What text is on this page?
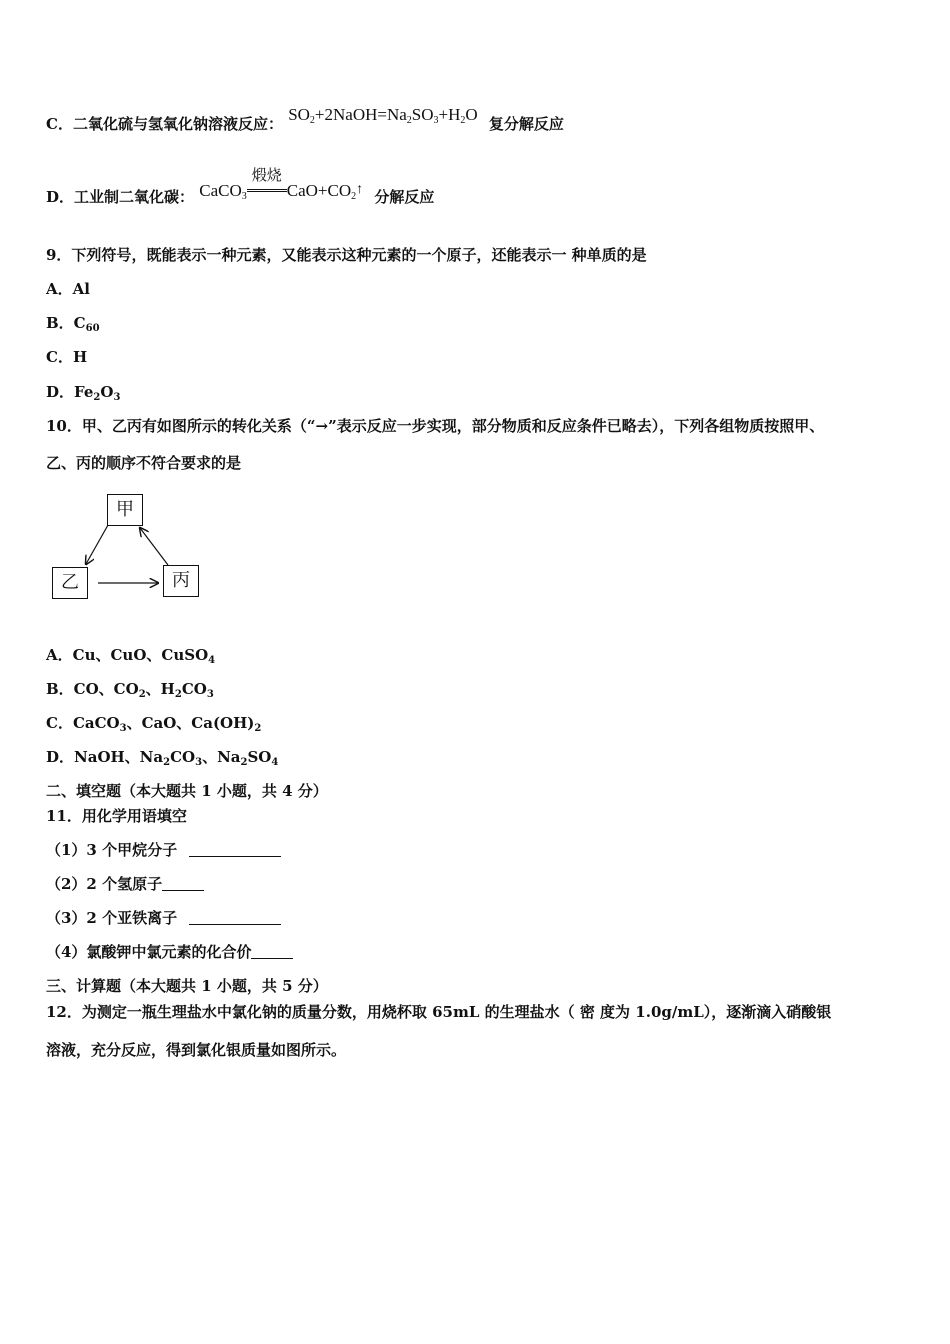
C．二氧化硫与氢氧化钠溶液反应： $SO_2+2NaOH=Na_2SO_3+H_2O$ 复分解反应
D．工业制二氧化碳： CaCO$_3$
煅烧
$CaO+CO_2↑$ 分解反应
9．下列符号，既能表示一种元素，又能表示这种元素的一个原子，还能表示一 种单质的是
A．Al
B．$C_{60}$
C．H
D．$Fe_2O_3$
10．甲、乙丙有如图所示的转化关系（“→”表示反应一步实现，部分物质和反应条件已略去），下列各组物质按照甲、
乙、丙的顺序不符合要求的是
甲
乙	丙
A．Cu、CuO、CuSO$_4$
B．CO、$CO_2$、$H_2CO_3$
C．CaCO$_3$、CaO、$Ca(OH)_2$
D．NaOH、$Na_2CO_3$、$Na_2SO_4$
二、填空题（本大题共 1 小题，共 4 分）
11．用化学用语填空
（1）3 个甲烷分子
（2）2 个氢原子
（3）2 个亚铁离子
（4）氯酸钾中氯元素的化合价
三、计算题（本大题共 1 小题，共 5 分）
12．为测定一瓶生理盐水中氯化钠的质量分数，用烧杯取 65mL 的生理盐水（ 密 度为 1.0g/mL），逐渐滴入硝酸银
溶液，充分反应，得到氯化银质量如图所示。
